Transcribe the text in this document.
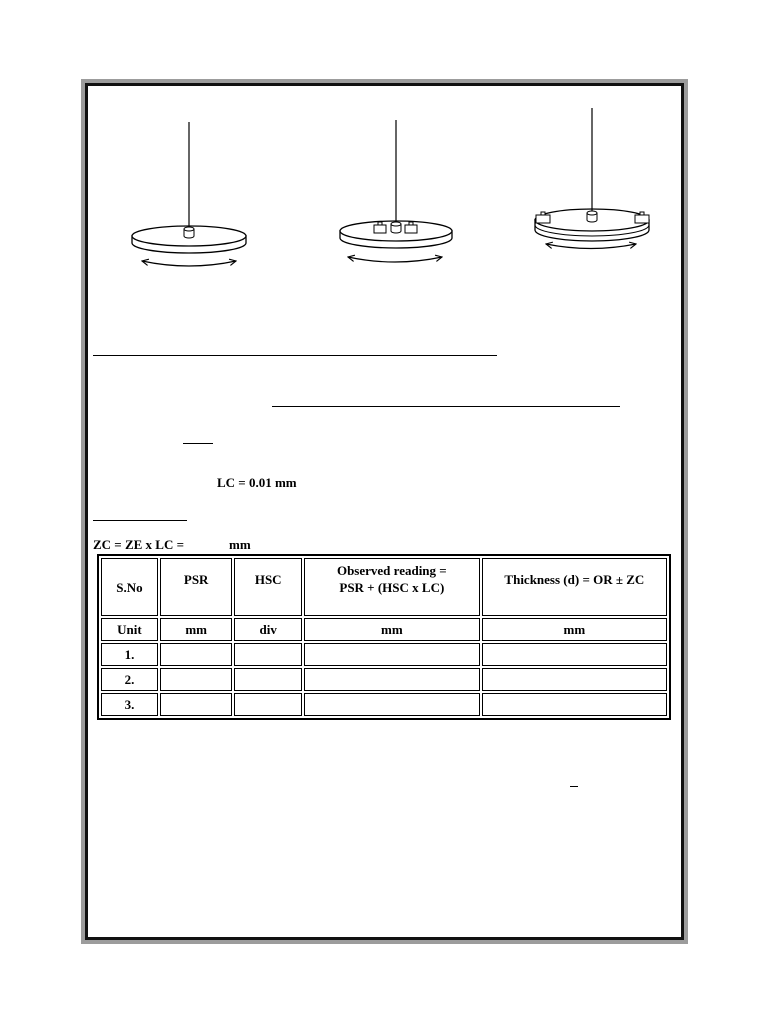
LC = 0.01 mm
ZC = ZE x LC =	mm
S.No	PSR	HSC	Observed reading =
PSR + (HSC x LC)	Thickness (d) = OR ± ZC
Unit	mm	div	mm	mm
1.				
2.				
3.				
